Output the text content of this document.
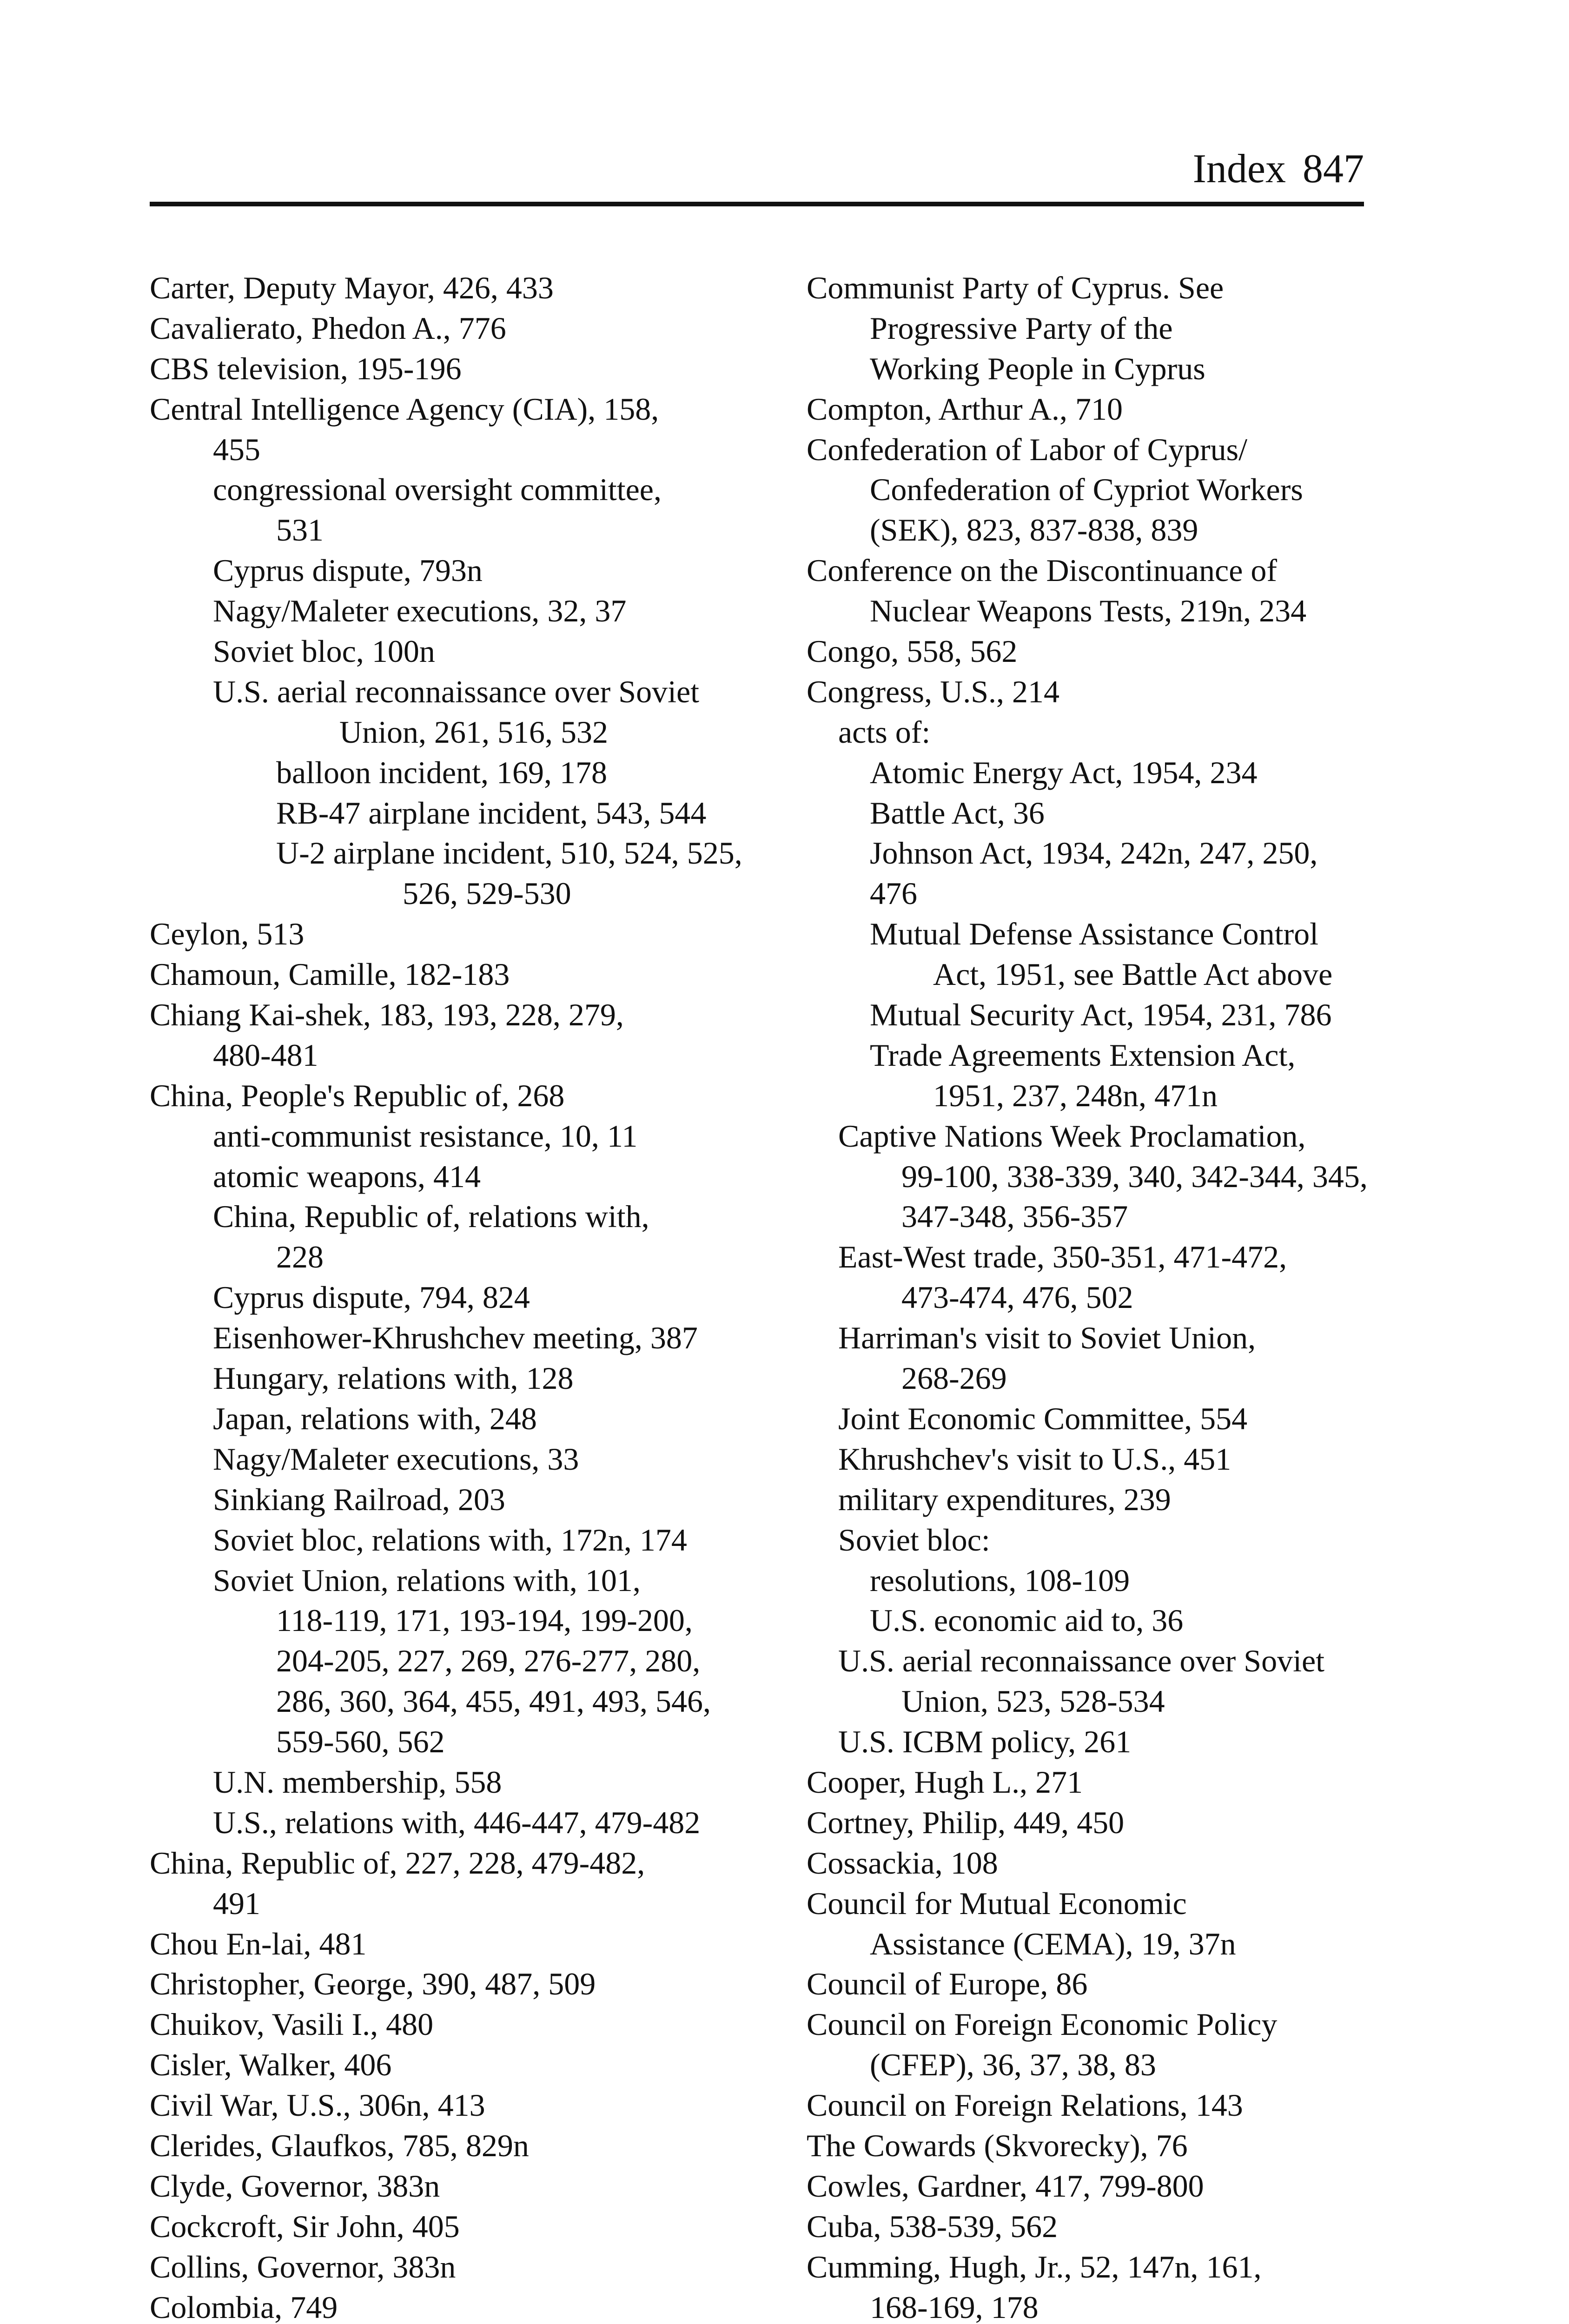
Index 847
Carter, Deputy Mayor, 426, 433
Cavalierato, Phedon A., 776
CBS television, 195-196
Central Intelligence Agency (CIA), 158,
455
congressional oversight committee,
531
Cyprus dispute, 793n
Nagy/Maleter executions, 32, 37
Soviet bloc, 100n
U.S. aerial reconnaissance over Soviet
Union, 261, 516, 532
balloon incident, 169, 178
RB-47 airplane incident, 543, 544
U-2 airplane incident, 510, 524, 525,
526, 529-530
Ceylon, 513
Chamoun, Camille, 182-183
Chiang Kai-shek, 183, 193, 228, 279,
480-481
China, People's Republic of, 268
anti-communist resistance, 10, 11
atomic weapons, 414
China, Republic of, relations with,
228
Cyprus dispute, 794, 824
Eisenhower-Khrushchev meeting, 387
Hungary, relations with, 128
Japan, relations with, 248
Nagy/Maleter executions, 33
Sinkiang Railroad, 203
Soviet bloc, relations with, 172n, 174
Soviet Union, relations with, 101,
118-119, 171, 193-194, 199-200,
204-205, 227, 269, 276-277, 280,
286, 360, 364, 455, 491, 493, 546,
559-560, 562
U.N. membership, 558
U.S., relations with, 446-447, 479-482
China, Republic of, 227, 228, 479-482,
491
Chou En-lai, 481
Christopher, George, 390, 487, 509
Chuikov, Vasili I., 480
Cisler, Walker, 406
Civil War, U.S., 306n, 413
Clerides, Glaufkos, 785, 829n
Clyde, Governor, 383n
Cockcroft, Sir John, 405
Collins, Governor, 383n
Colombia, 749
Communist Party of Cyprus. See
Progressive Party of the
Working People in Cyprus
Compton, Arthur A., 710
Confederation of Labor of Cyprus/
Confederation of Cypriot Workers
(SEK), 823, 837-838, 839
Conference on the Discontinuance of
Nuclear Weapons Tests, 219n, 234
Congo, 558, 562
Congress, U.S., 214
acts of:
Atomic Energy Act, 1954, 234
Battle Act, 36
Johnson Act, 1934, 242n, 247, 250,
476
Mutual Defense Assistance Control
Act, 1951, see Battle Act above
Mutual Security Act, 1954, 231, 786
Trade Agreements Extension Act,
1951, 237, 248n, 471n
Captive Nations Week Proclamation,
99-100, 338-339, 340, 342-344, 345,
347-348, 356-357
East-West trade, 350-351, 471-472,
473-474, 476, 502
Harriman's visit to Soviet Union,
268-269
Joint Economic Committee, 554
Khrushchev's visit to U.S., 451
military expenditures, 239
Soviet bloc:
resolutions, 108-109
U.S. economic aid to, 36
U.S. aerial reconnaissance over Soviet
Union, 523, 528-534
U.S. ICBM policy, 261
Cooper, Hugh L., 271
Cortney, Philip, 449, 450
Cossackia, 108
Council for Mutual Economic
Assistance (CEMA), 19, 37n
Council of Europe, 86
Council on Foreign Economic Policy
(CFEP), 36, 37, 38, 83
Council on Foreign Relations, 143
The Cowards (Skvorecky), 76
Cowles, Gardner, 417, 799-800
Cuba, 538-539, 562
Cumming, Hugh, Jr., 52, 147n, 161,
168-169, 178
